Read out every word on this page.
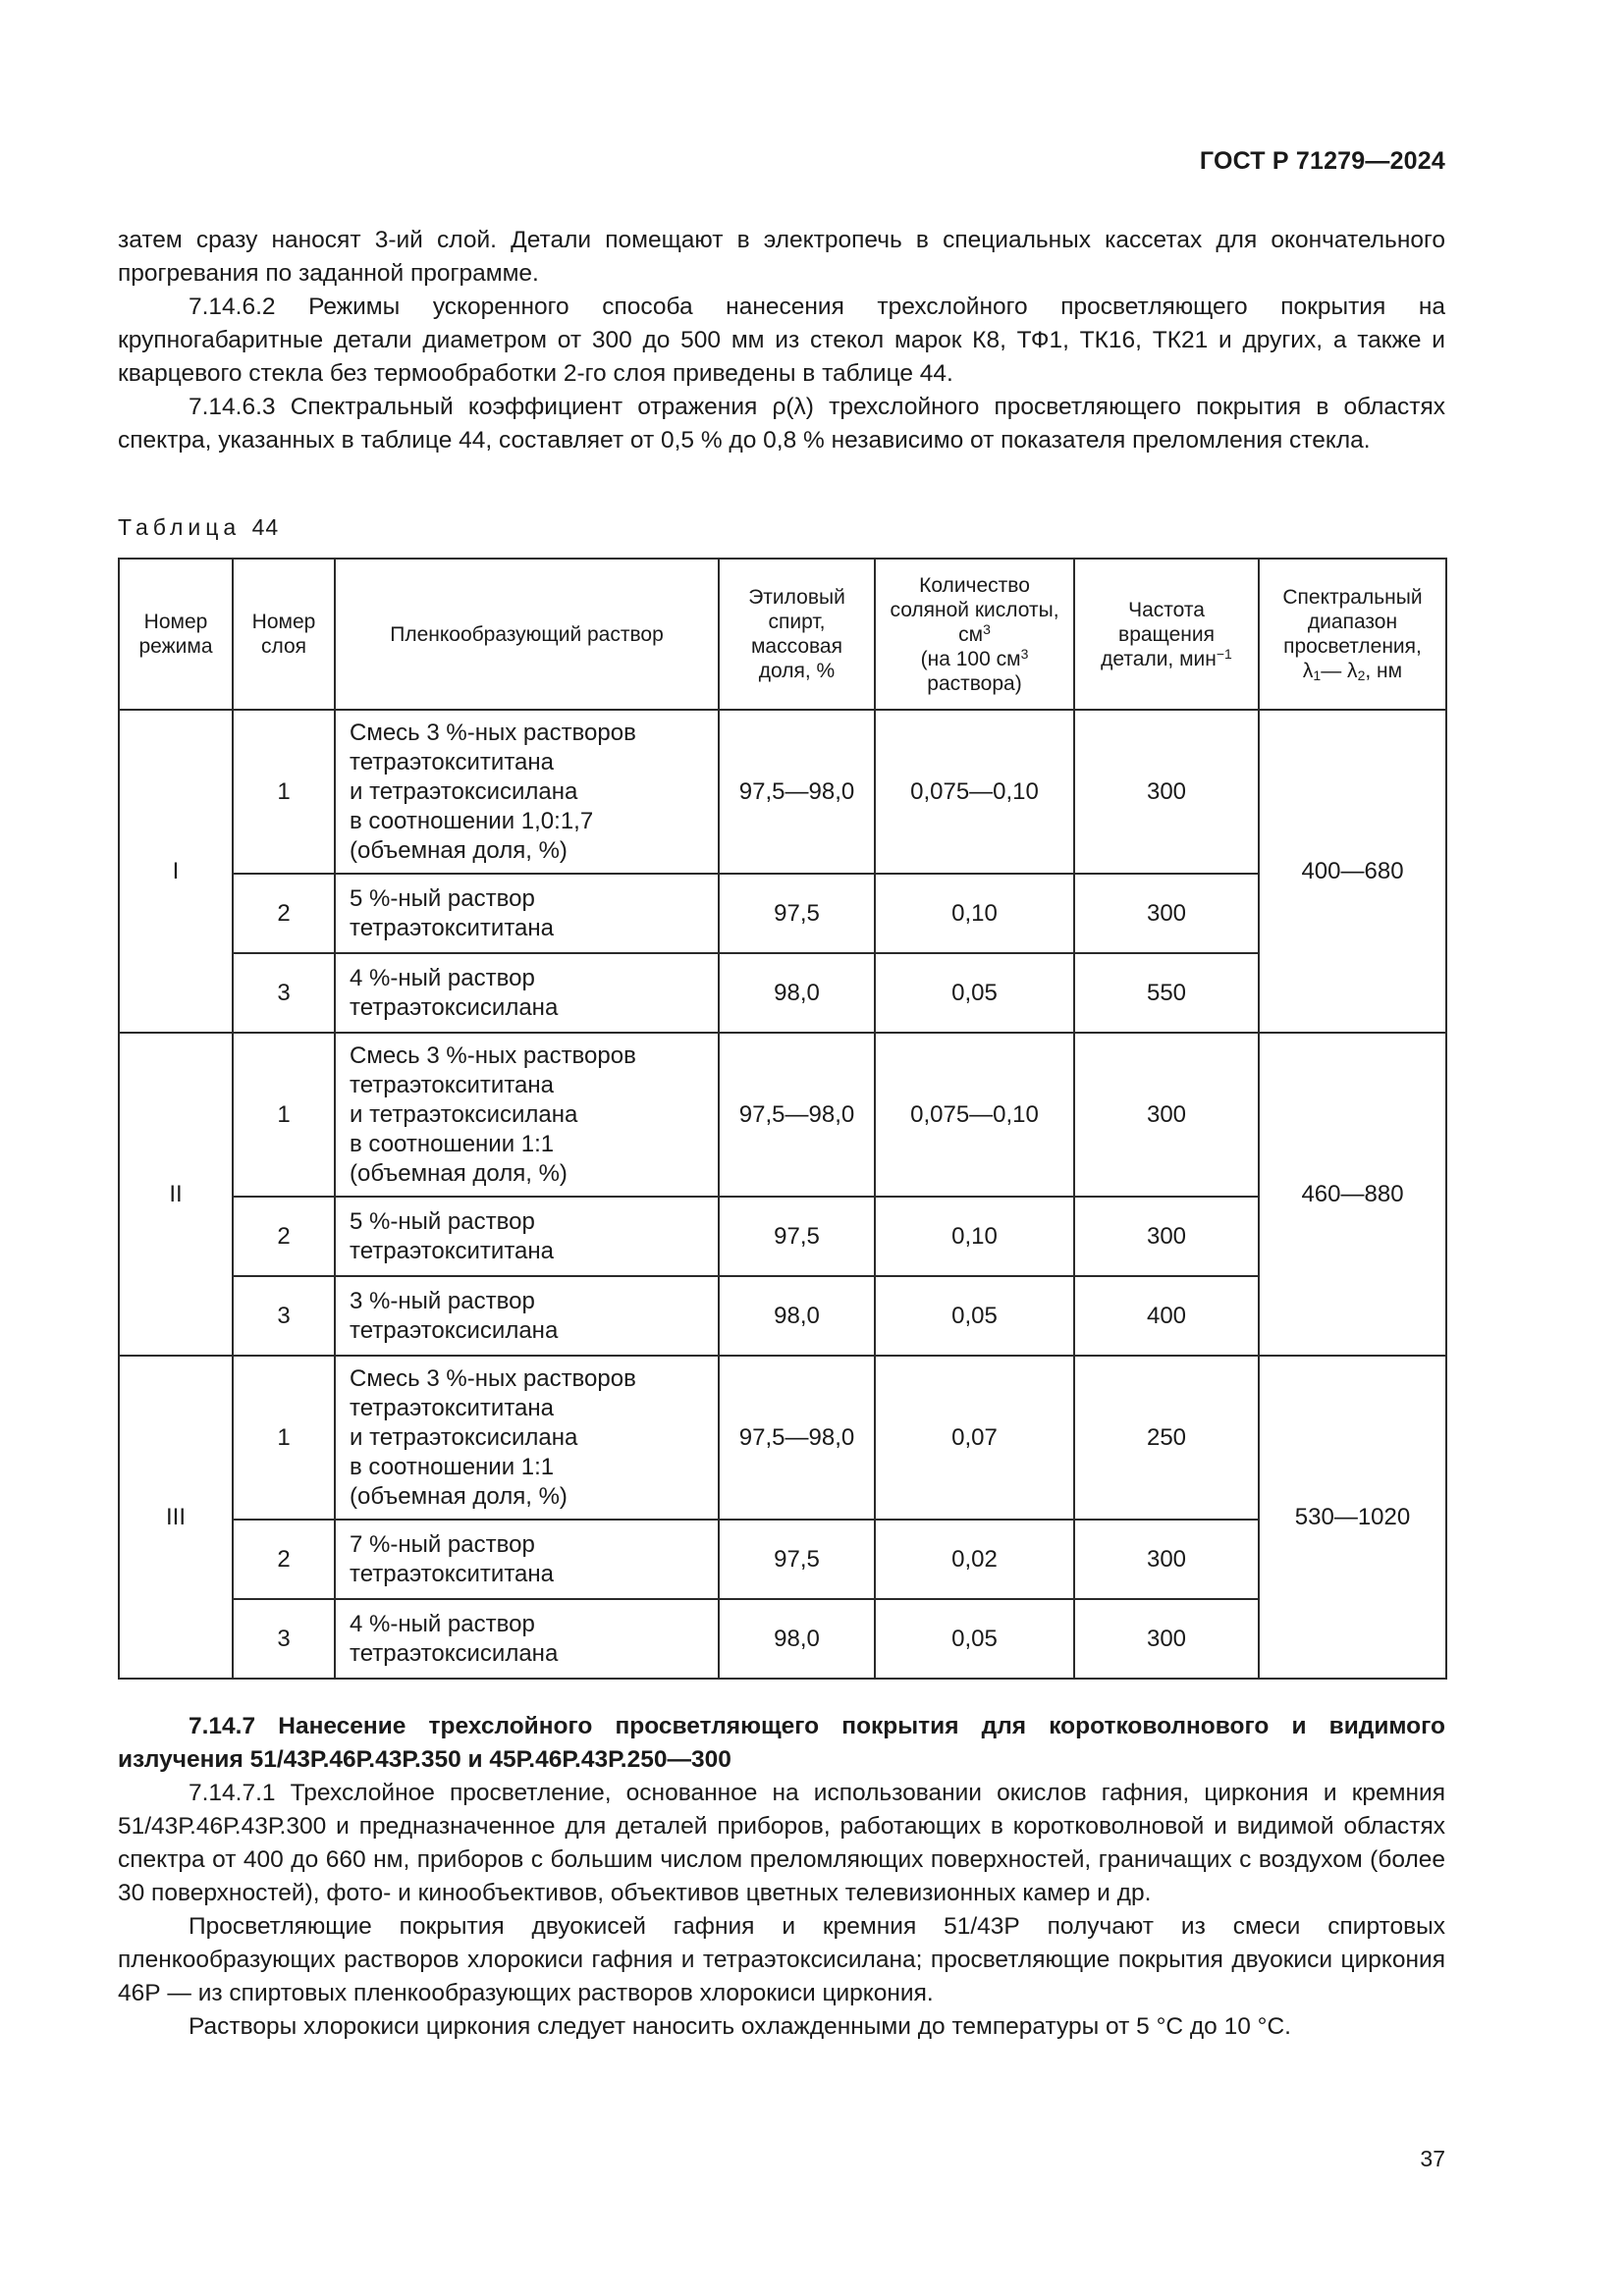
ГОСТ Р 71279—2024

затем сразу наносят 3-ий слой. Детали помещают в электропечь в специальных кассетах для окончательного прогревания по заданной программе.

7.14.6.2 Режимы ускоренного способа нанесения трехслойного просветляющего покрытия на крупногабаритные детали диаметром от 300 до 500 мм из стекол марок К8, ТФ1, ТК16, ТК21 и других, а также и кварцевого стекла без термообработки 2-го слоя приведены в таблице 44.

7.14.6.3 Спектральный коэффициент отражения ρ(λ) трехслойного просветляющего покрытия в областях спектра, указанных в таблице 44, составляет от 0,5 % до 0,8 % независимо от показателя преломления стекла.

Таблица 44
Номер режима	Номер слоя	Пленкообразующий раствор	Этиловый спирт, массовая доля, %	Количество соляной кислоты, $см^3$
(на 100 $см^3$
раствора)	Частота вращения детали, мин$^{-1}$	Спектральный диапазон просветления,
$\lambda_1—$ $\lambda_2$, нм
I	1	Смесь 3 %-ных растворов
тетраэтоксититана
и тетраэтоксисилана
в соотношении 1,0:1,7
(объемная доля, %)	97,5—98,0	0,075—0,10	300	400—680
	2	5 %-ный раствор
тетраэтоксититана	97,5	0,10	300	
	3	4 %-ный раствор
тетраэтоксисилана	98,0	0,05	550	
II	1	Смесь 3 %-ных растворов
тетраэтоксититана
и тетраэтоксисилана
в соотношении 1:1
(объемная доля, %)	97,5—98,0	0,075—0,10	300	460—880
	2	5 %-ный раствор
тетраэтоксититана	97,5	0,10	300	
	3	3 %-ный раствор
тетраэтоксисилана	98,0	0,05	400	
III	1	Смесь 3 %-ных растворов
тетраэтоксититана
и тетраэтоксисилана
в соотношении 1:1
(объемная доля, %)	97,5—98,0	0,07	250	530—1020
	2	7 %-ный раствор
тетраэтоксититана	97,5	0,02	300	
	3	4 %-ный раствор
тетраэтоксисилана	98,0	0,05	300	

7.14.7 Нанесение трехслойного просветляющего покрытия для коротковолнового и видимого излучения 51/43Р.46Р.43Р.350 и 45Р.46Р.43Р.250—300

7.14.7.1 Трехслойное просветление, основанное на использовании окислов гафния, циркония и кремния 51/43Р.46Р.43Р.300 и предназначенное для деталей приборов, работающих в коротковолновой и видимой областях спектра от 400 до 660 нм, приборов с большим числом преломляющих поверхностей, граничащих с воздухом (более 30 поверхностей), фото- и кинообъективов, объективов цветных телевизионных камер и др.

Просветляющие покрытия двуокисей гафния и кремния 51/43Р получают из смеси спиртовых пленкообразующих растворов хлорокиси гафния и тетраэтоксисилана; просветляющие покрытия двуокиси циркония 46Р — из спиртовых пленкообразующих растворов хлорокиси циркония.

Растворы хлорокиси циркония следует наносить охлажденными до температуры от 5 °С до 10 °С.

37
